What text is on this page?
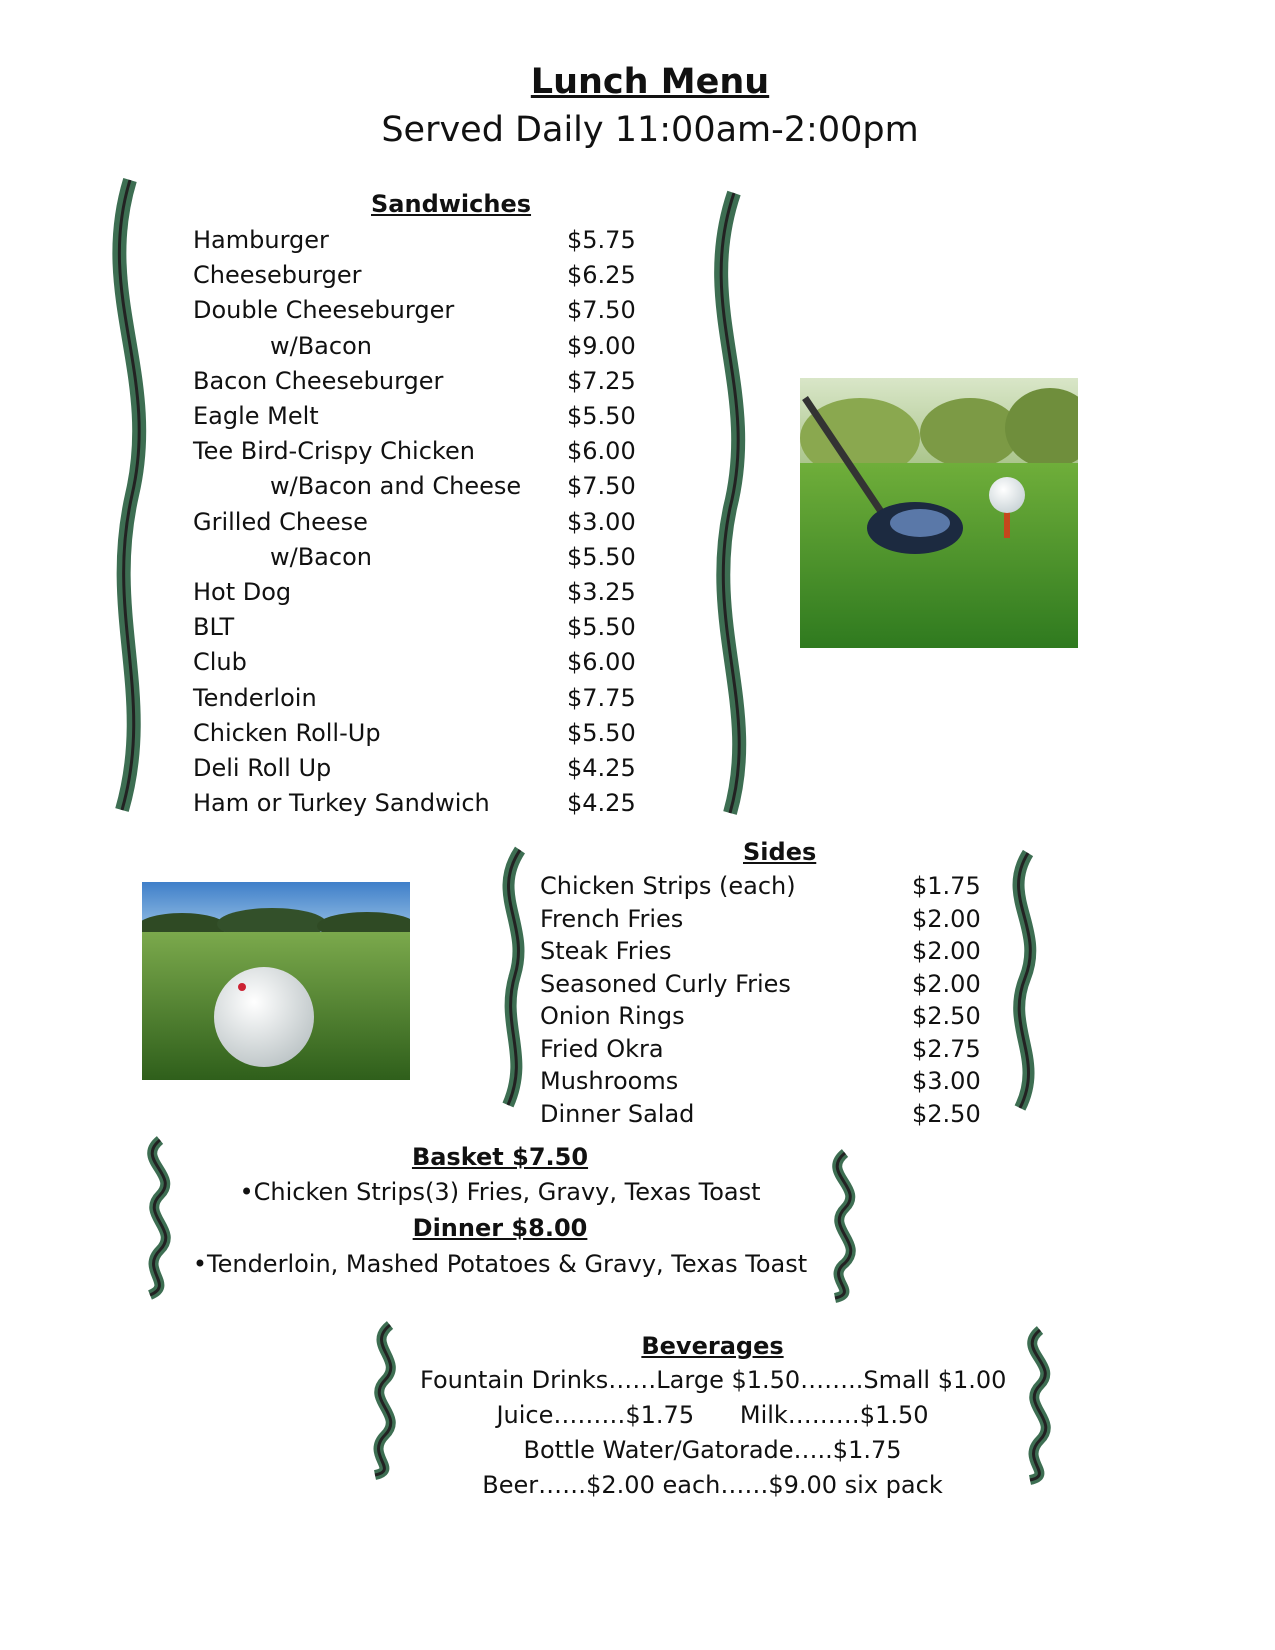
Lunch Menu
Served Daily 11:00am-2:00pm
Sandwiches
Hamburger	$5.75
Cheeseburger	$6.25
Double Cheeseburger	$7.50
w/Bacon	$9.00
Bacon Cheeseburger	$7.25
Eagle Melt	$5.50
Tee Bird-Crispy Chicken	$6.00
w/Bacon and Cheese $7.50
Grilled Cheese	$3.00
w/Bacon	$5.50
Hot Dog	$3.25
BLT	$5.50
Club	$6.00
Tenderloin	$7.75
Chicken Roll-Up	$5.50
Deli Roll Up	$4.25
Ham or Turkey Sandwich	$4.25
Sides
Chicken Strips (each)	$1.75
French Fries	$2.00
Steak Fries	$2.00
Seasoned Curly Fries	$2.00
Onion Rings	$2.50
Fried Okra	$2.75
Mushrooms	$3.00
Dinner Salad	$2.50
Basket $7.50
•Chicken Strips(3) Fries, Gravy, Texas Toast
Dinner $8.00
•Tenderloin, Mashed Potatoes & Gravy, Texas Toast
Beverages
Fountain Drinks……Large $1.50……..Small $1.00
Juice………$1.75      Milk………$1.50
Bottle Water/Gatorade…..$1.75
Beer……$2.00 each……$9.00 six pack
